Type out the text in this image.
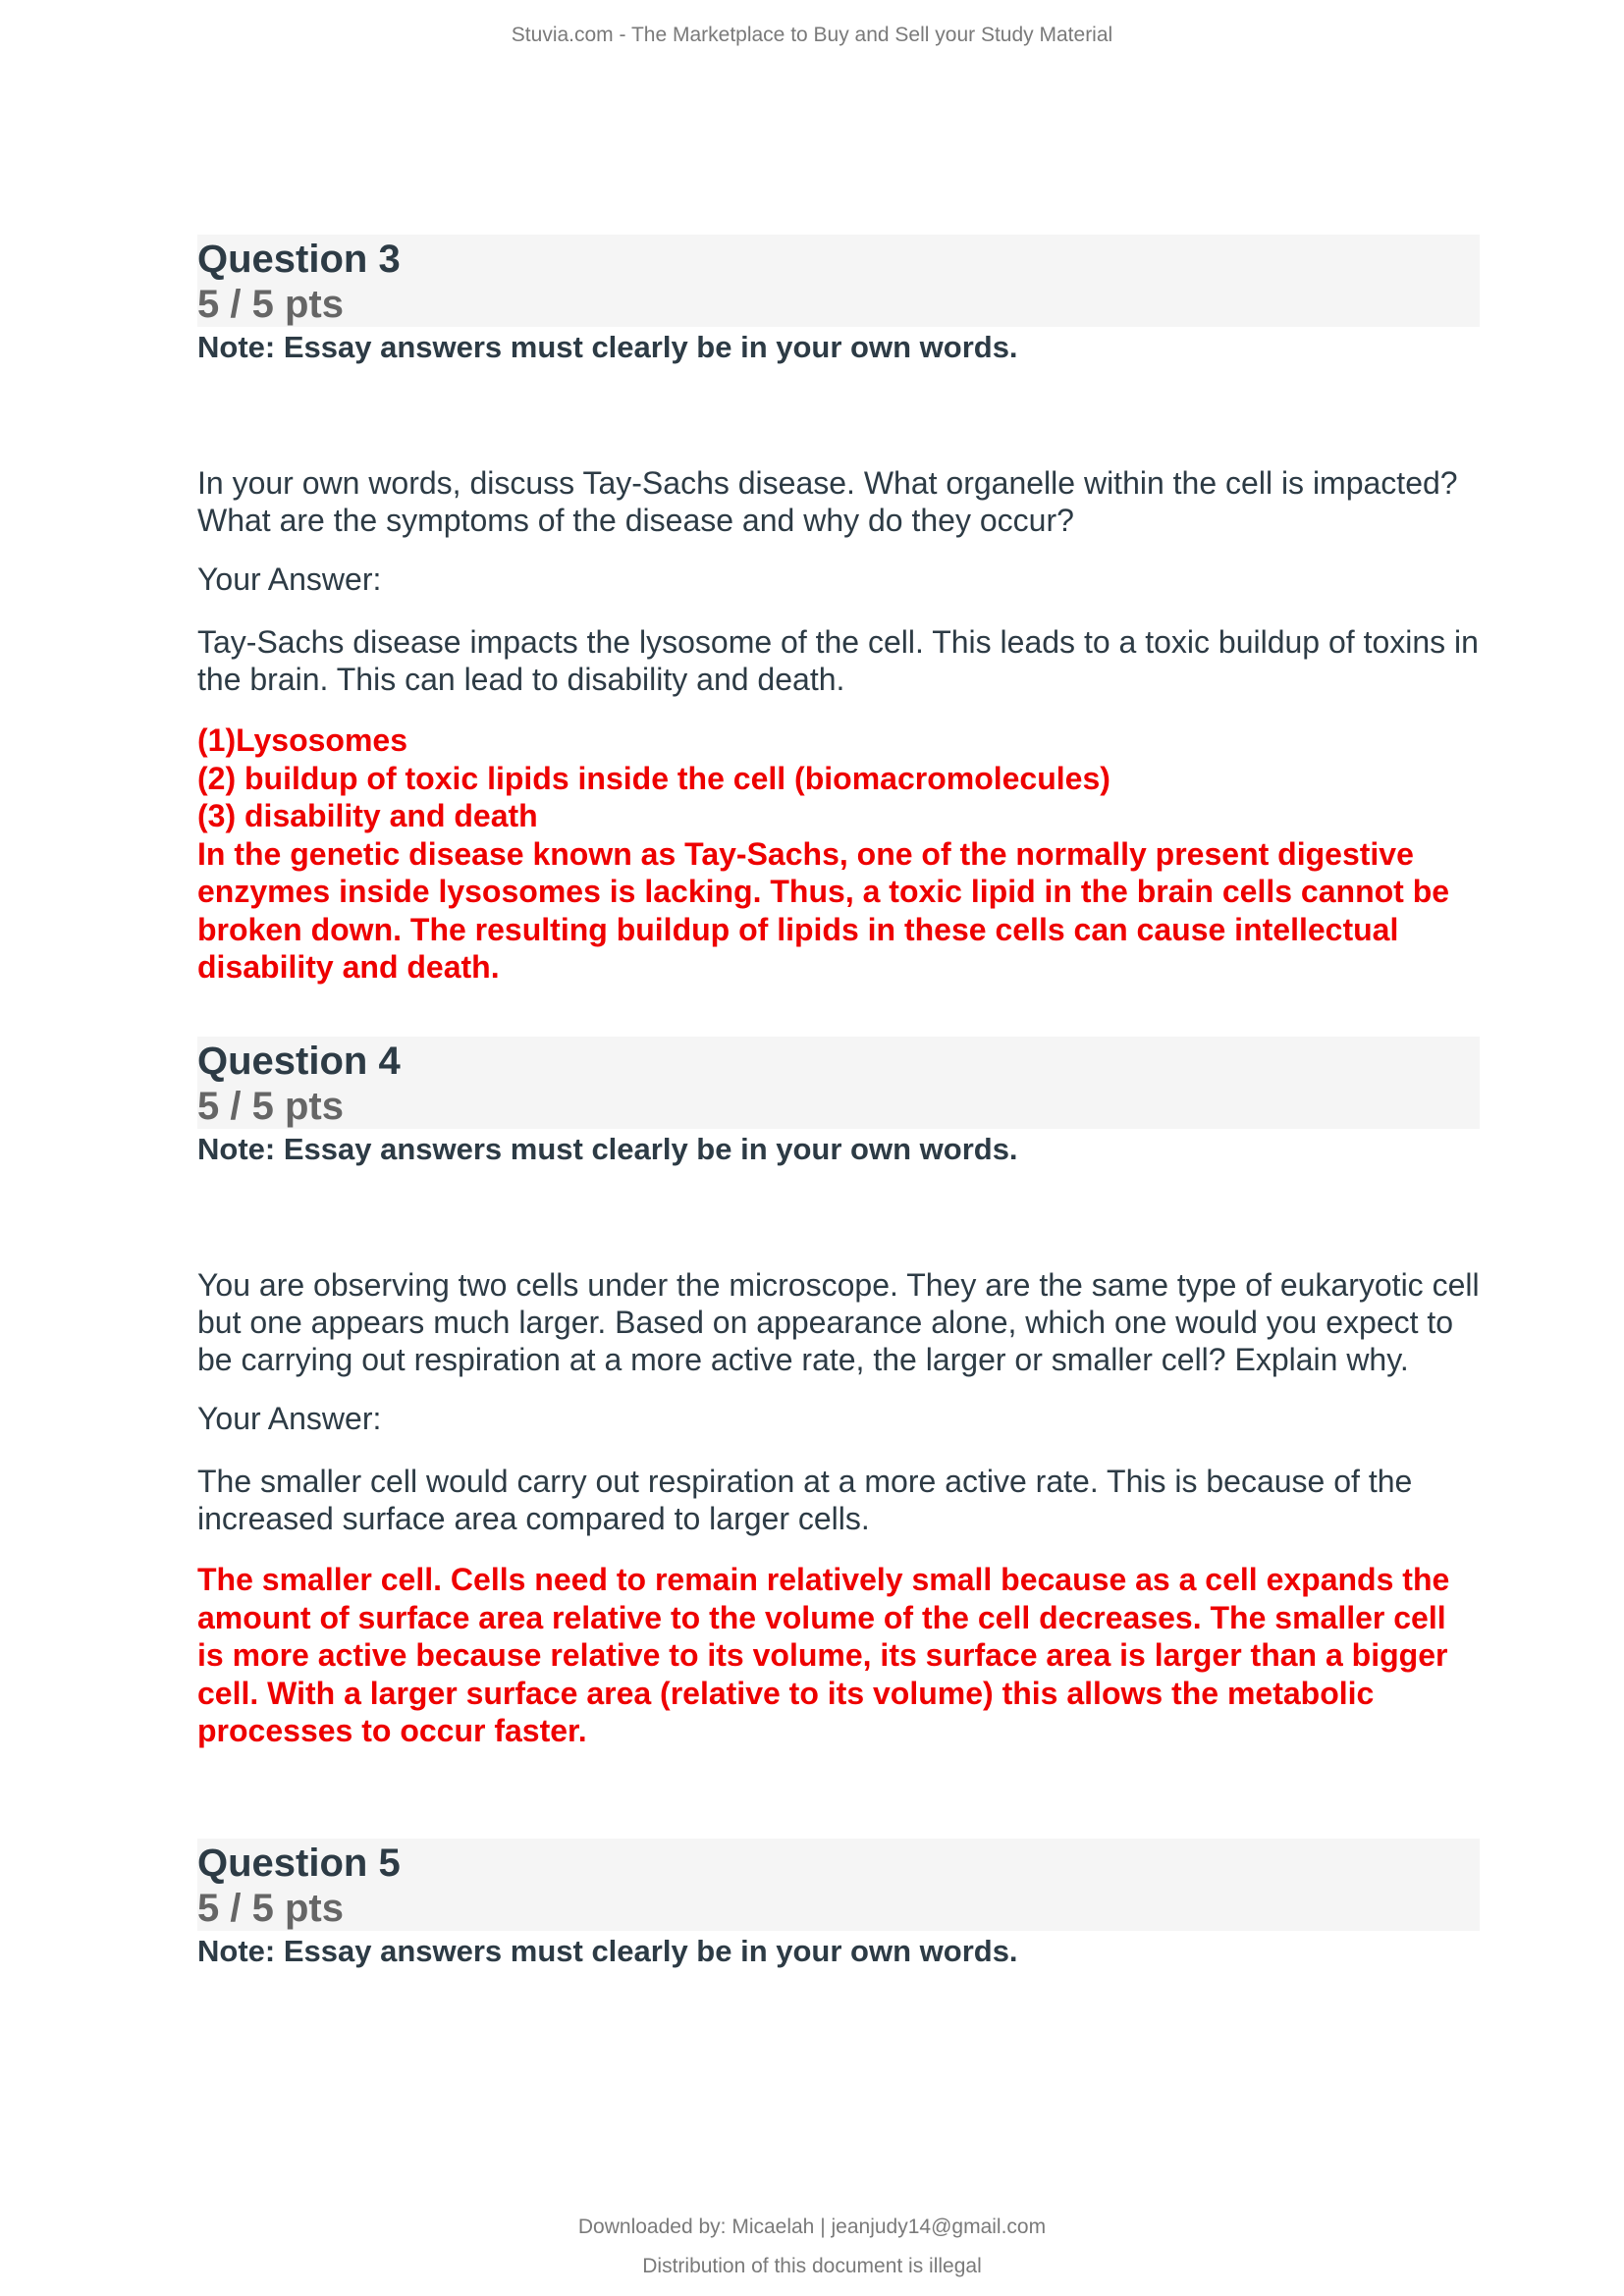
Stuvia.com - The Marketplace to Buy and Sell your Study Material
Question 3
5 / 5 pts
Note: Essay answers must clearly be in your own words.
In your own words, discuss Tay-Sachs disease. What organelle within the cell is impacted? What are the symptoms of the disease and why do they occur?
Your Answer:
Tay-Sachs disease impacts the lysosome of the cell. This leads to a toxic buildup of toxins in the brain. This can lead to disability and death.
(1)Lysosomes
(2) buildup of toxic lipids inside the cell (biomacromolecules)
(3) disability and death
In the genetic disease known as Tay-Sachs, one of the normally present digestive enzymes inside lysosomes is lacking. Thus, a toxic lipid in the brain cells cannot be broken down. The resulting buildup of lipids in these cells can cause intellectual disability and death.
Question 4
5 / 5 pts
Note: Essay answers must clearly be in your own words.
You are observing two cells under the microscope. They are the same type of eukaryotic cell but one appears much larger. Based on appearance alone, which one would you expect to be carrying out respiration at a more active rate, the larger or smaller cell? Explain why.
Your Answer:
The smaller cell would carry out respiration at a more active rate. This is because of the increased surface area compared to larger cells.
The smaller cell. Cells need to remain relatively small because as a cell expands the amount of surface area relative to the volume of the cell decreases. The smaller cell is more active because relative to its volume, its surface area is larger than a bigger cell. With a larger surface area (relative to its volume) this allows the metabolic processes to occur faster.
Question 5
5 / 5 pts
Note: Essay answers must clearly be in your own words.
Downloaded by: Micaelah | jeanjudy14@gmail.com
Distribution of this document is illegal
